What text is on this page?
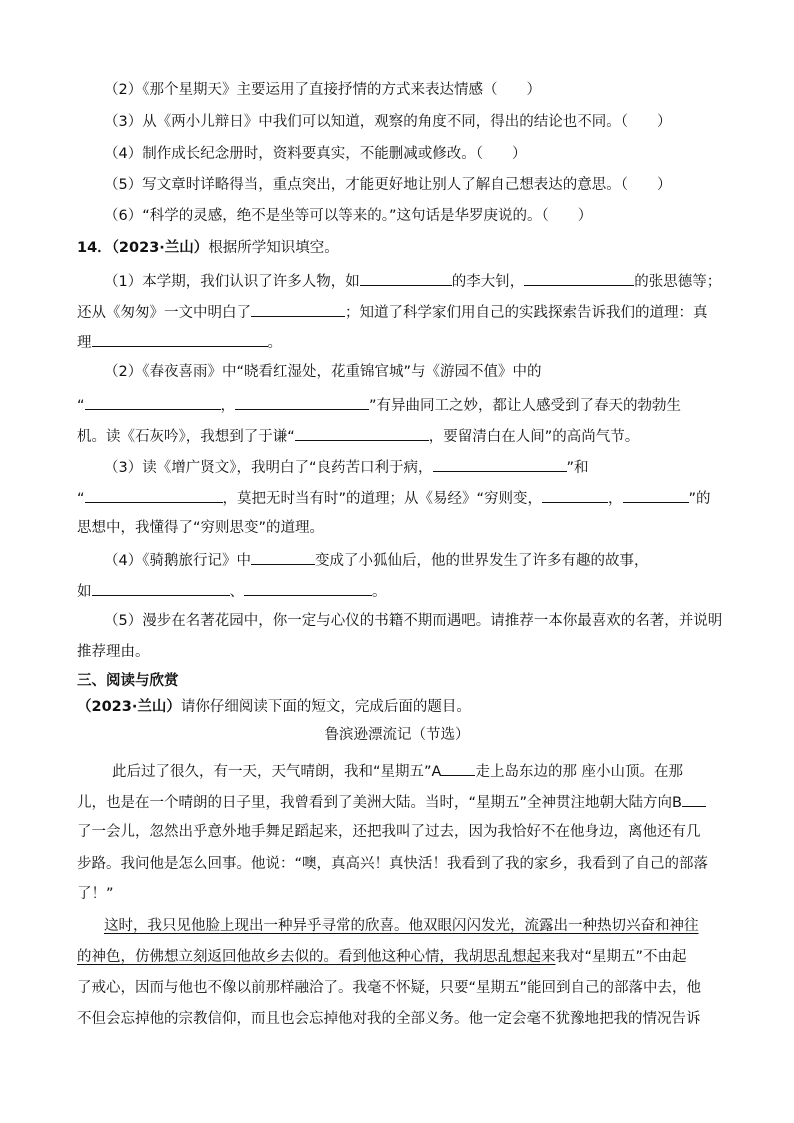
（2）《那个星期天》主要运用了直接抒情的方式来表达情感（　　）
（3）从《两小儿辩日》中我们可以知道，观察的角度不同，得出的结论也不同。（　　）
（4）制作成长纪念册时，资料要真实，不能删减或修改。（　　）
（5）写文章时详略得当，重点突出，才能更好地让别人了解自己想表达的意思。（　　）
（6）“科学的灵感，绝不是坐等可以等来的。”这句话是华罗庚说的。（　　）
14．（2023·兰山）根据所学知识填空。
（1）本学期，我们认识了许多人物，如	的李大钊，	的张思德等；
还从《匆匆》一文中明白了	；知道了科学家们用自己的实践探索告诉我们的道理：真
理	。
（2）《春夜喜雨》中“晓看红湿处，花重锦官城”与《游园不值》中的
“	，	”有异曲同工之妙，都让人感受到了春天的勃勃生
机。读《石灰吟》，我想到了于谦“	，要留清白在人间”的高尚气节。
（3）读《增广贤文》，我明白了“良药苦口利于病，	”和
“	，莫把无时当有时”的道理；从《易经》“穷则变，	，	”的
思想中，我懂得了“穷则思变”的道理。
（4）《骑鹅旅行记》中	变成了小狐仙后，他的世界发生了许多有趣的故事，
如	、	。
（5）漫步在名著花园中，你一定与心仪的书籍不期而遇吧。请推荐一本你最喜欢的名著，并说明
推荐理由。
三、阅读与欣赏
（2023·兰山）请你仔细阅读下面的短文，完成后面的题目。
鲁滨逊漂流记（节选）
此后过了很久，有一天，天气晴朗，我和“星期五”A 走上岛东边的那 座小山顶。在那
儿，也是在一个晴朗的日子里，我曾看到了美洲大陆。当时，“星期五”全神贯注地朝大陆方向B
了一会儿，忽然出乎意外地手舞足蹈起来，还把我叫了过去，因为我恰好不在他身边，离他还有几
步路。我问他是怎么回事。他说：“噢，真高兴！真快活！我看到了我的家乡，我看到了自己的部落
了！”
这时，我只见他脸上现出一种异乎寻常的欣喜。他双眼闪闪发光，流露出一种热切兴奋和神往
的神色，仿佛想立刻返回他故乡去似的。看到他这种心情，我胡思乱想起来我对“星期五”不由起
了戒心，因而与他也不像以前那样融洽了。我毫不怀疑，只要“星期五”能回到自己的部落中去，他
不但会忘掉他的宗教信仰，而且也会忘掉他对我的全部义务。他一定会毫不犹豫地把我的情况告诉
